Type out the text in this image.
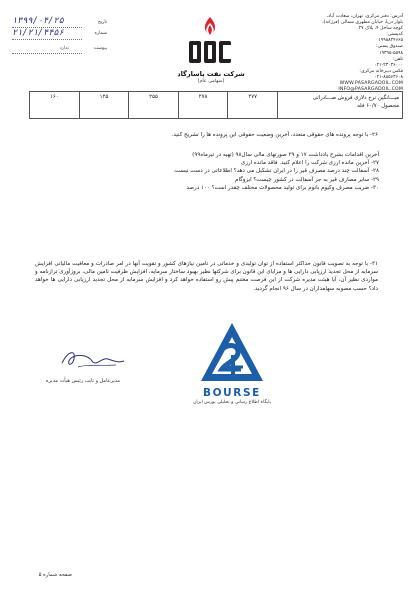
آدرس: دفتر مرکزی، تهران، سعادت آباد،
بلوار دریا، خیابان مطهری شمالی (فرزانه)،
کوچه ساحل ۴، پلاک ۲۷
کدپستی:
۱۹۹۸۸۳۴۶۶۵
صندوق پستی:
۱۹۳۹۵-۵۵۹۸
تلفن:
۰۲۱-۲۳۰۳۶۰۰۰
فکس دبیرخانه مرکزی:
۰۲۱-۸۸۵۶۳۶۰۸
WWW.PASARGADOIL.COM
INFO@PASARGADOIL.COM
شرکت نفت پاسارگاد
(سهامی عام)
تاریخ
۱۳۹۹/۰۴/۲۵
شماره
۲۱/۲۱/۴۴۵۶
پیوست
ندارد
میـــانگین نرخ دلاری فروش صـــادراتی
محصول ۶۰/۷۰ فله
	۲۷۷	۲۷۸	۲۵۵	۱۲۵	۱۶۰
۲۶- با توجه پرونده های حقوقی متعدد، آخرین وضعیت حقوقی این پرونده ها را تشریح کنید.
آخرین اقدامات بشرح یادداشت ۱۷ و ۳۹ صورتهای مالی سال۹۸ (تهیه در تیرماه۹۹)
۲۷- آخرین مانده ارزی شرکت را اعلام کنید. فاقد مانده ارزی
۲۸- آسفالت چند درصد مصرف قیر را در ایران تشکیل می دهد؟ اطلاعاتی در دست نیست.
۲۹- سایر مصارف قیر به جز آسفالت در کشور چیست؟ ایزوگام
۳۰- ضریب مصرف وکیوم باتوم برای تولید محصولات مختلف چقدر است؟ ۱۰۰ درصد
۳۱- با توجه به تصویب قانون حداکثر استفاده از توان تولیدی و خدماتی در تامین نیازهای کشور و تقویت آنها در امر صادرات و معافیت مالیاتی افزایش سرمایه از محل تجدید ارزیابی دارایی ها و مزایای این قانون برای شرکتها نظیر بهبود ساختار سرمایه، افزایش ظرفیت تامین مالی، بروزآوری ترازنامه و مواردی نظیر آن، آیا هیئت مدیره شرکت از این فرصت مغتنم پیش رو استفاده خواهد کرد و افزایش سرمایه از محل تجدید ارزیابی دارایی ها خواهد داد؟ حسب مصوبه سهامداران در سال ۹۶ انجام گردید.
مدیرعامل و نایب رئیس هیأت مدیره
BOURSE
پایگاه اطلاع رسانی و تحلیلی بورس ایران
صفحه شماره ۵
